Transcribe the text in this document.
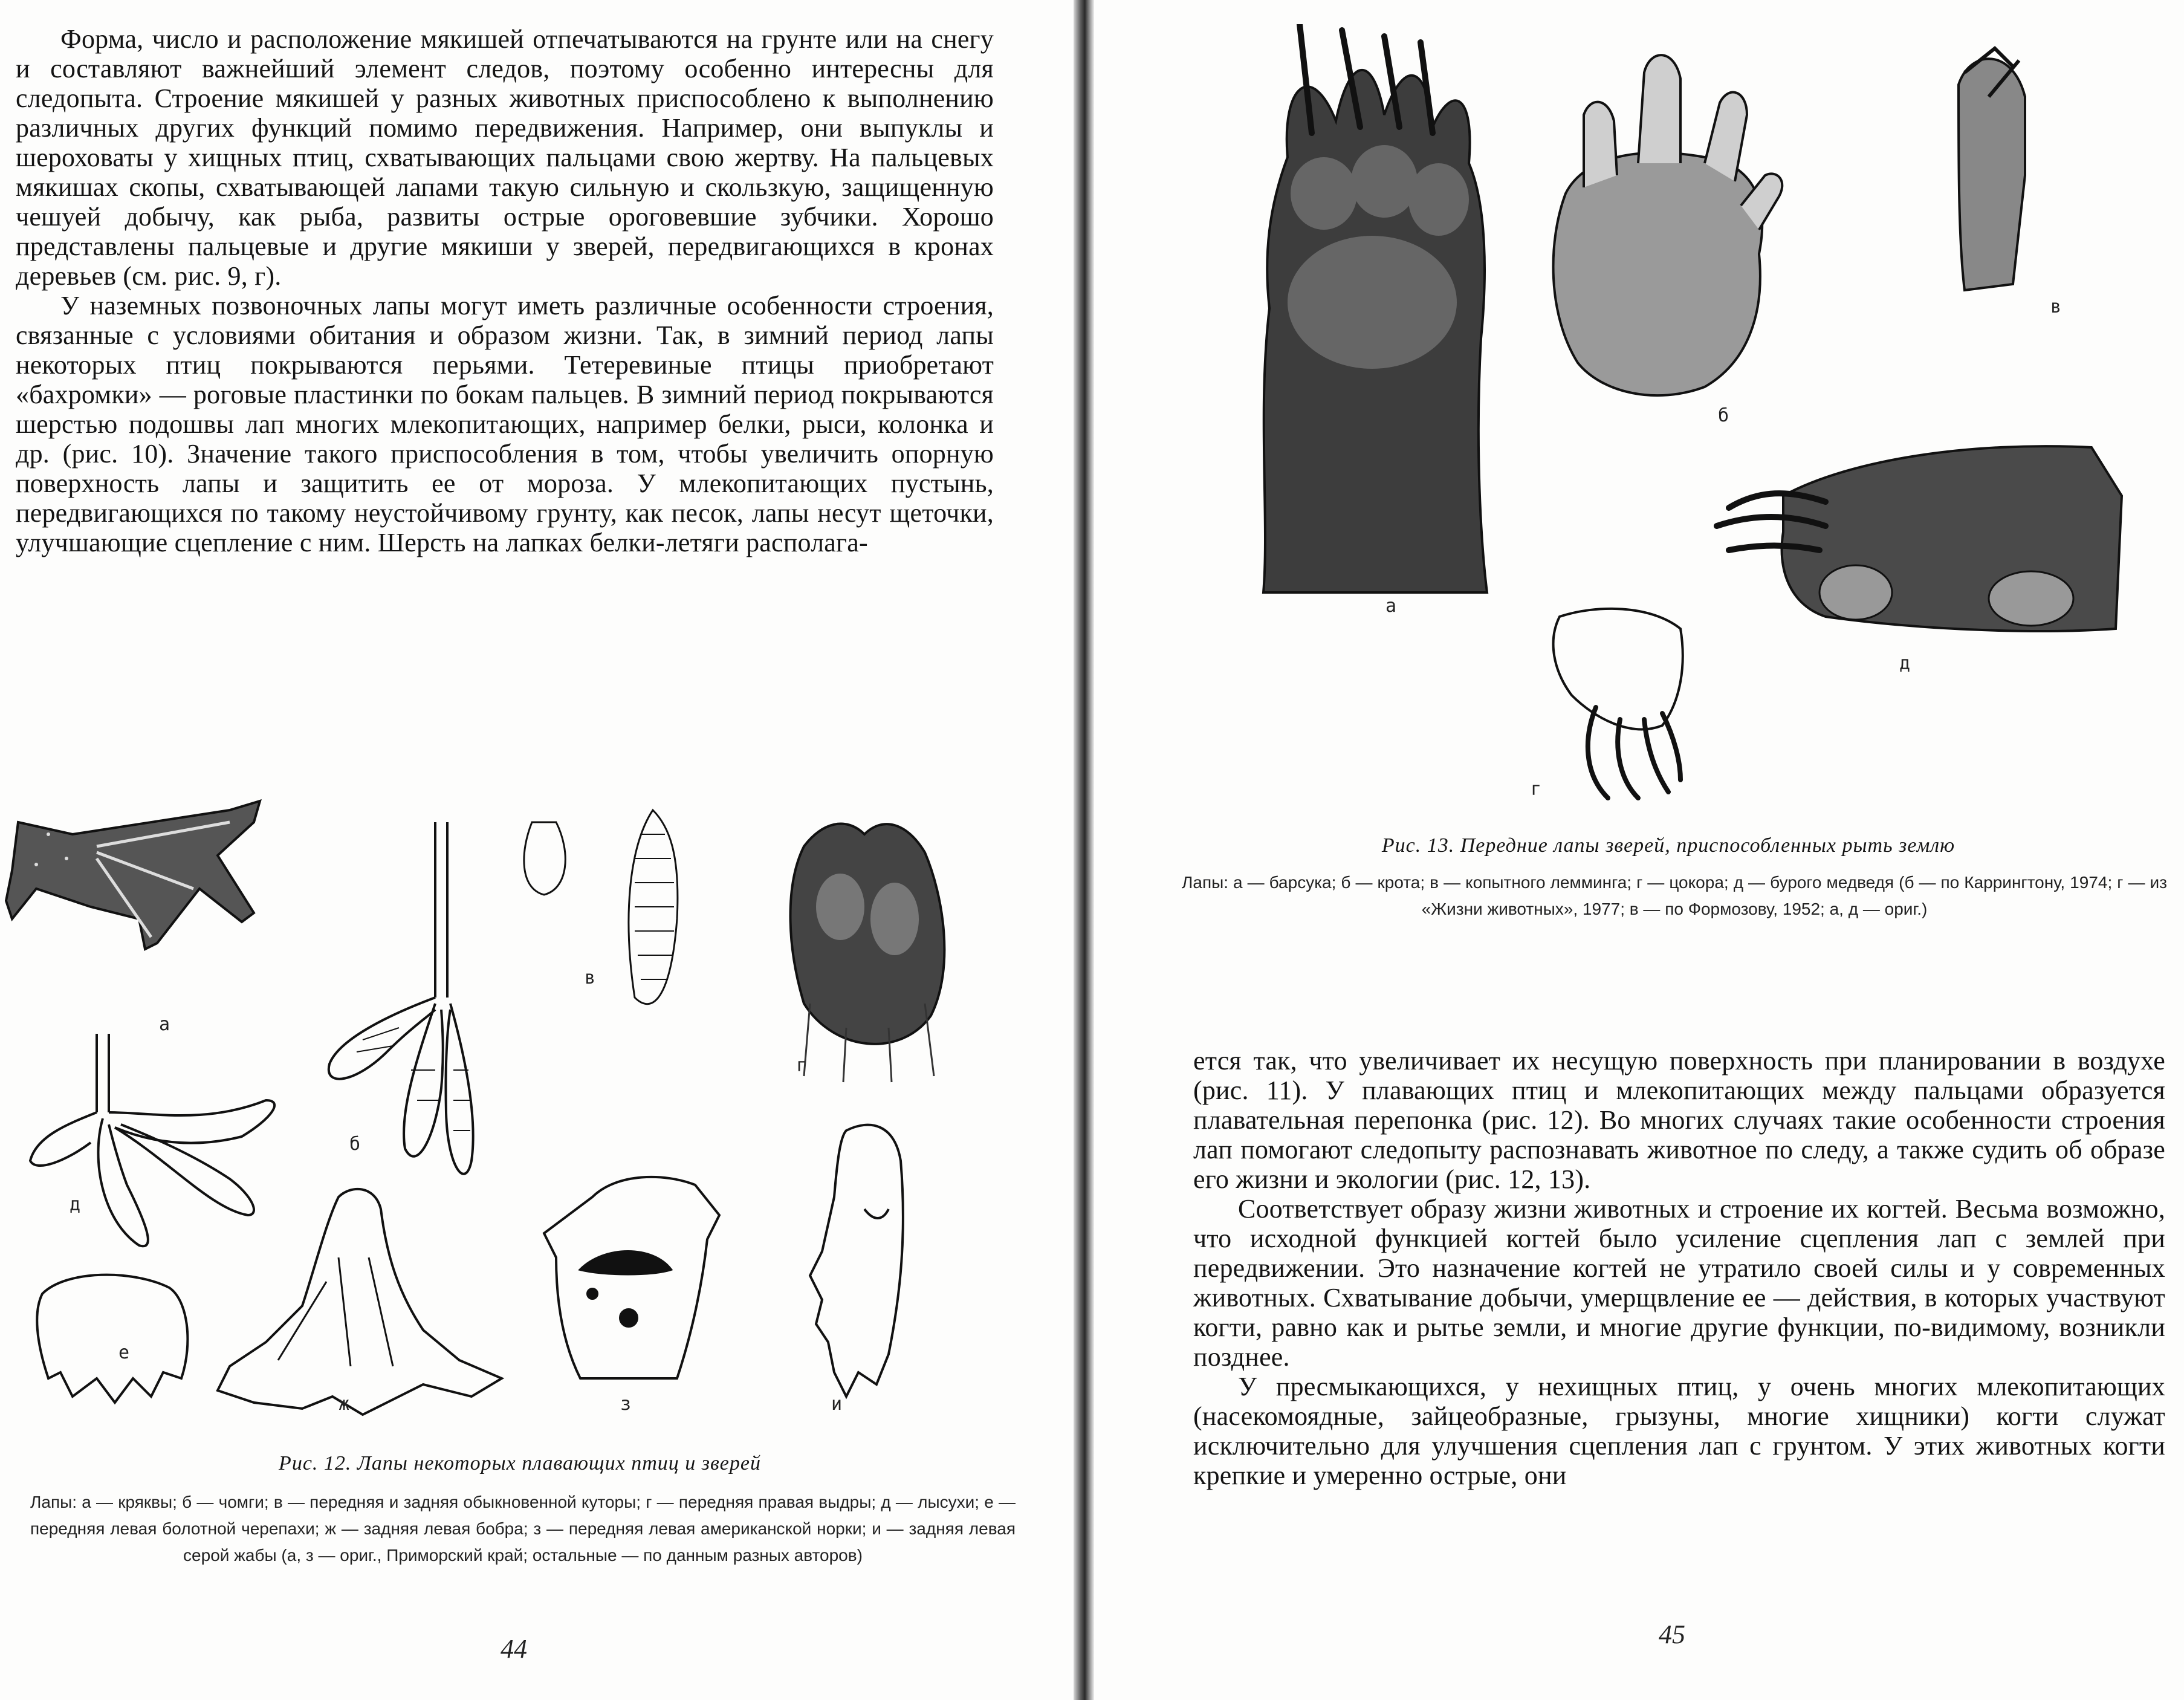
Форма, число и расположение мякишей отпечатываются на грунте или на снегу и составляют важнейший элемент следов, поэтому особенно интересны для следопыта. Строение мякишей у разных животных приспособлено к выполнению различных других функций помимо передвижения. Например, они выпуклы и шероховаты у хищных птиц, схватывающих пальцами свою жертву. На пальцевых мякишах скопы, схватывающей лапами такую сильную и скользкую, защищенную чешуей добычу, как рыба, развиты острые ороговевшие зубчики. Хорошо представлены пальцевые и другие мякиши у зверей, передвигающихся в кронах деревьев (см. рис. 9, г).

У наземных позвоночных лапы могут иметь различные особенности строения, связанные с условиями обитания и образом жизни. Так, в зимний период лапы некоторых птиц покрываются перьями. Тетеревиные птицы приобретают «бахромки» — роговые пластинки по бокам пальцев. В зимний период покрываются шерстью подошвы лап многих млекопитающих, например белки, рыси, колонка и др. (рис. 10). Значение такого приспособления в том, чтобы увеличить опорную поверхность лапы и защитить ее от мороза. У млекопитающих пустынь, передвигающихся по такому неустойчивому грунту, как песок, лапы несут щеточки, улучшающие сцепление с ним. Шерсть на лапках белки-летяги располага-

а
б
в
г
д
е
ж	з	и
Рис. 12. Лапы некоторых плавающих птиц и зверей
Лапы: а — кряквы; б — чомги; в — передняя и задняя обыкновенной куторы; г — передняя правая выдры; д — лысухи; е — передняя левая болотной черепахи; ж — задняя левая бобра; з — передняя левая американской норки; и — задняя левая серой жабы (а, з — ориг., Приморский край; остальные — по данным разных авторов)
44
а
б
в
г
д
Рис. 13. Передние лапы зверей, приспособленных рыть землю
Лапы: а — барсука; б — крота; в — копытного лемминга; г — цокора; д — бурого медведя (б — по Каррингтону, 1974; г — из «Жизни животных», 1977; в — по Формозову, 1952; а, д — ориг.)

ется так, что увеличивает их несущую поверхность при планировании в воздухе (рис. 11). У плавающих птиц и млекопитающих между пальцами образуется плавательная перепонка (рис. 12). Во многих случаях такие особенности строения лап помогают следопыту распознавать животное по следу, а также судить об образе его жизни и экологии (рис. 12, 13).

Соответствует образу жизни животных и строение их когтей. Весьма возможно, что исходной функцией когтей было усиление сцепления лап с землей при передвижении. Это назначение когтей не утратило своей силы и у современных животных. Схватывание добычи, умерщвление ее — действия, в которых участвуют когти, равно как и рытье земли, и многие другие функции, по-видимому, возникли позднее.

У пресмыкающихся, у нехищных птиц, у очень многих млекопитающих (насекомоядные, зайцеобразные, грызуны, многие хищники) когти служат исключительно для улучшения сцепления лап с грунтом. У этих животных когти крепкие и умеренно острые, они

45
